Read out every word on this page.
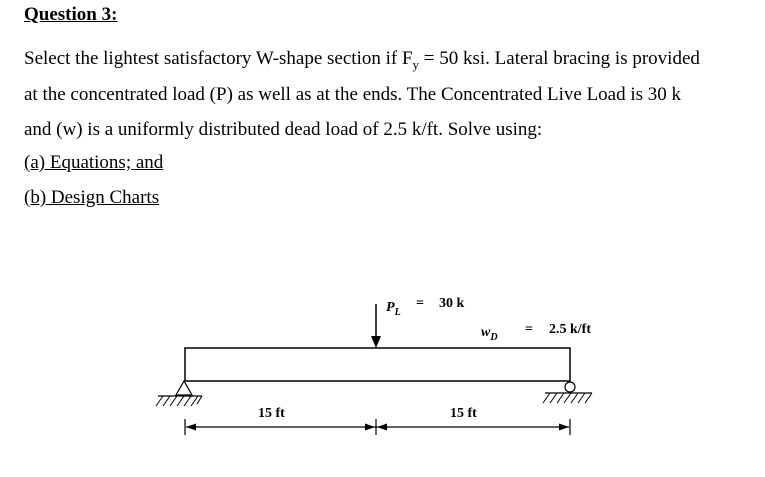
Question 3:
Select the lightest satisfactory W-shape section if $F_y = 50$ ksi. Lateral bracing is provided
at the concentrated load (P) as well as at the ends. The Concentrated Live Load is 30 k
and (w) is a uniformly distributed dead load of 2.5 k/ft. Solve using:
(a) Equations; and
(b) Design Charts
$P_L$
= 30 k
$w_D$
= 2.5 k/ft
15 ft	15 ft
